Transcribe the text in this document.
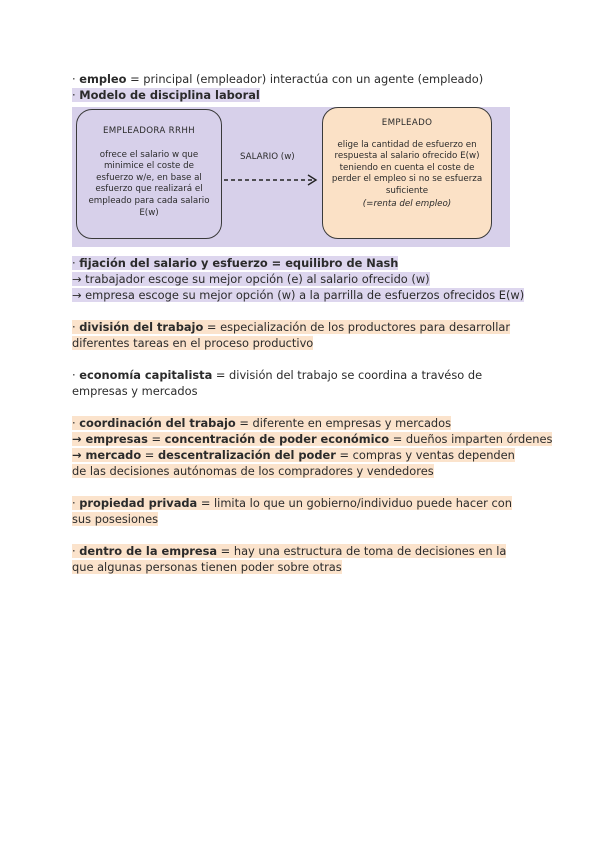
· empleo = principal (empleador) interactúa con un agente (empleado)
· Modelo de disciplina laboral
EMPLEADORA RRHH
ofrece el salario w que minimice el coste de esfuerzo w/e, en base al esfuerzo que realizará el empleado para cada salario E(w)
SALARIO (w)
EMPLEADO
elige la cantidad de esfuerzo en respuesta al salario ofrecido E(w) teniendo en cuenta el coste de perder el empleo si no se esfuerza suficiente
(=renta del empleo)
· fijación del salario y esfuerzo = equilibro de Nash
→ trabajador escoge su mejor opción (e) al salario ofrecido (w)
→ empresa escoge su mejor opción (w) a la parrilla de esfuerzos ofrecidos E(w)
· división del trabajo = especialización de los productores para desarrollar diferentes tareas en el proceso productivo
· economía capitalista = división del trabajo se coordina a travéso de empresas y mercados
· coordinación del trabajo = diferente en empresas y mercados
→ empresas = concentración de poder económico = dueños imparten órdenes
→ mercado = descentralización del poder = compras y ventas dependen de las decisiones autónomas de los compradores y vendedores
· propiedad privada = limita lo que un gobierno/individuo puede hacer con sus posesiones
· dentro de la empresa = hay una estructura de toma de decisiones en la que algunas personas tienen poder sobre otras
